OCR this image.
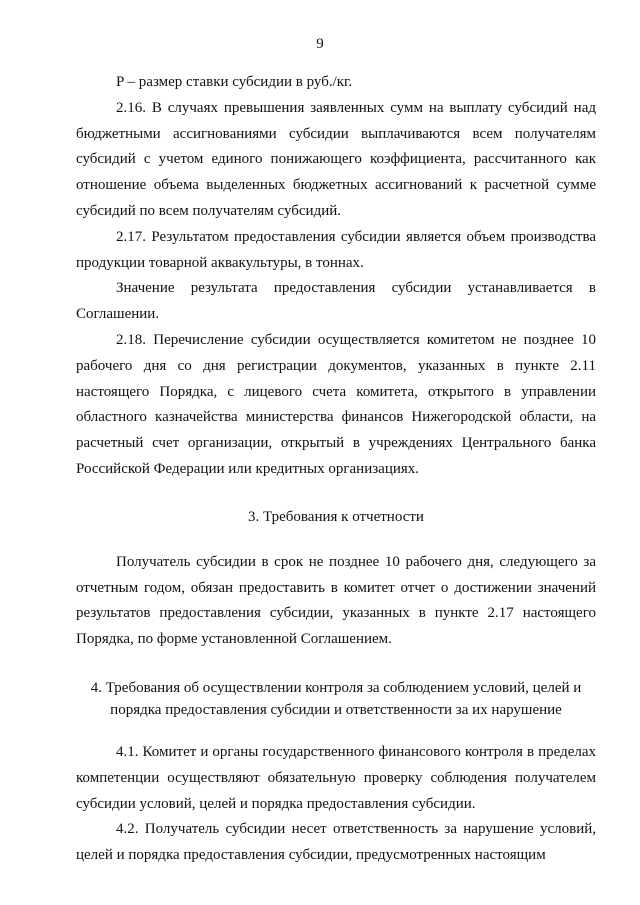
9

P – размер ставки субсидии в руб./кг.

2.16. В случаях превышения заявленных сумм на выплату субсидий над бюджетными ассигнованиями субсидии выплачиваются всем получателям субсидий с учетом единого понижающего коэффициента, рассчитанного как отношение объема выделенных бюджетных ассигнований к расчетной сумме субсидий по всем получателям субсидий.

2.17. Результатом предоставления субсидии является объем производства продукции товарной аквакультуры, в тоннах.

Значение результата предоставления субсидии устанавливается в Соглашении.

2.18. Перечисление субсидии осуществляется комитетом не позднее 10 рабочего дня со дня регистрации документов, указанных в пункте 2.11 настоящего Порядка, с лицевого счета комитета, открытого в управлении областного казначейства министерства финансов Нижегородской области, на расчетный счет организации, открытый в учреждениях Центрального банка Российской Федерации или кредитных организациях.

3. Требования к отчетности

Получатель субсидии в срок не позднее 10 рабочего дня, следующего за отчетным годом, обязан предоставить в комитет отчет о достижении значений результатов предоставления субсидии, указанных в пункте 2.17 настоящего Порядка, по форме установленной Соглашением.

4. Требования об осуществлении контроля за соблюдением условий, целей и
порядка предоставления субсидии и ответственности за их нарушение

4.1. Комитет и органы государственного финансового контроля в пределах компетенции осуществляют обязательную проверку соблюдения получателем субсидии условий, целей и порядка предоставления субсидии.

4.2. Получатель субсидии несет ответственность за нарушение условий, целей и порядка предоставления субсидии, предусмотренных настоящим
